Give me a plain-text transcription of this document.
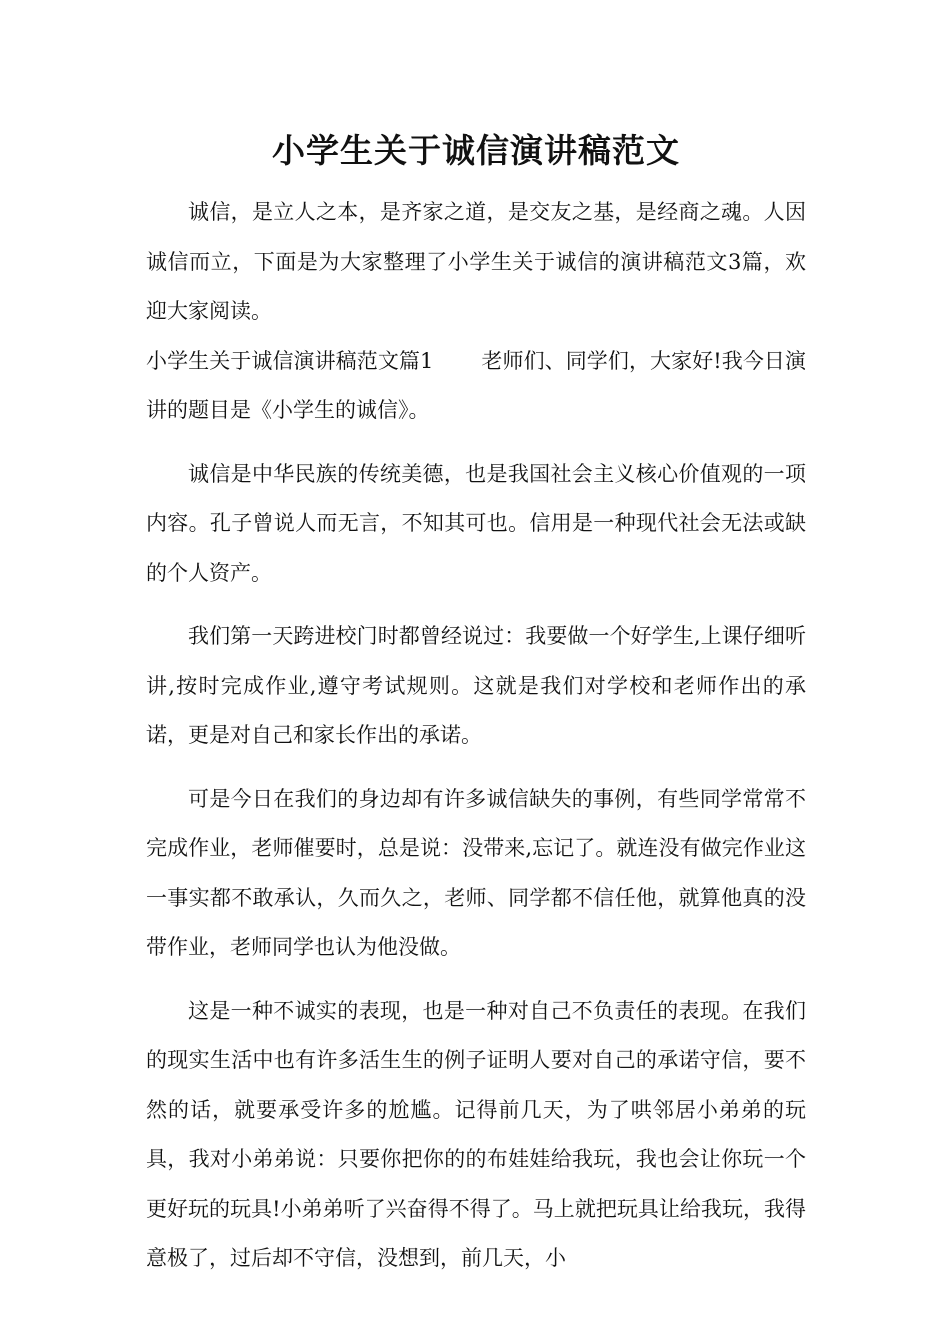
小学生关于诚信演讲稿范文

诚信，是立人之本，是齐家之道，是交友之基，是经商之魂。人因诚信而立，下面是为大家整理了小学生关于诚信的演讲稿范文3篇，欢迎大家阅读。

小学生关于诚信演讲稿范文篇1 老师们、同学们，大家好!我今日演讲的题目是《小学生的诚信》。

诚信是中华民族的传统美德，也是我国社会主义核心价值观的一项内容。孔子曾说人而无言，不知其可也。信用是一种现代社会无法或缺的个人资产。

我们第一天跨进校门时都曾经说过：我要做一个好学生,上课仔细听讲,按时完成作业,遵守考试规则。这就是我们对学校和老师作出的承诺，更是对自己和家长作出的承诺。

可是今日在我们的身边却有许多诚信缺失的事例，有些同学常常不完成作业，老师催要时，总是说：没带来,忘记了。就连没有做完作业这一事实都不敢承认，久而久之，老师、同学都不信任他，就算他真的没带作业，老师同学也认为他没做。

这是一种不诚实的表现，也是一种对自己不负责任的表现。在我们的现实生活中也有许多活生生的例子证明人要对自己的承诺守信，要不然的话，就要承受许多的尬尴。记得前几天，为了哄邻居小弟弟的玩具，我对小弟弟说：只要你把你的的布娃娃给我玩，我也会让你玩一个更好玩的玩具!小弟弟听了兴奋得不得了。马上就把玩具让给我玩，我得意极了，过后却不守信，没想到，前几天，小
